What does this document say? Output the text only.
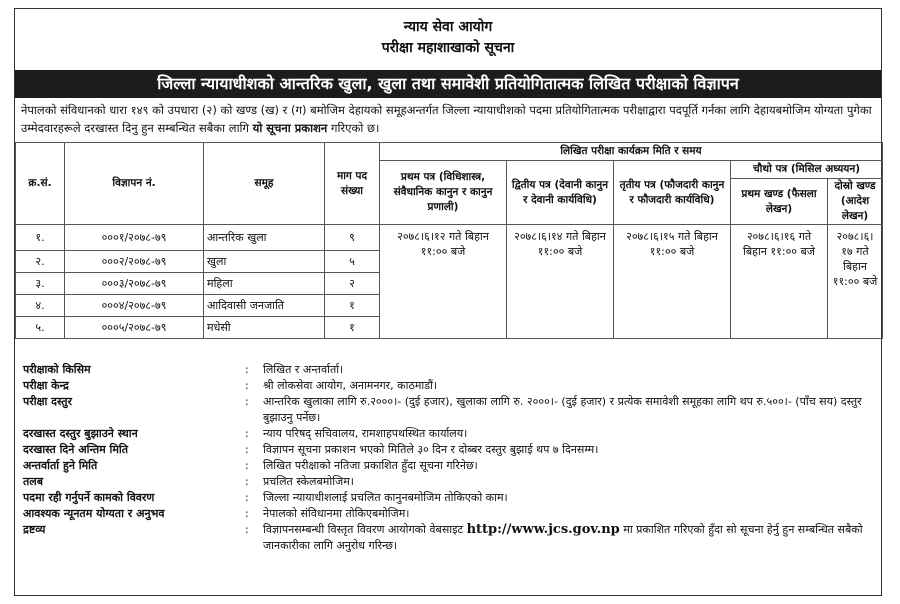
न्याय सेवा आयोग
परीक्षा महाशाखाको सूचना
जिल्ला न्यायाधीशको आन्तरिक खुला, खुला तथा समावेशी प्रतियोगितात्मक लिखित परीक्षाको विज्ञापन
नेपालको संविधानको धारा १४९ को उपधारा (२) को खण्ड (ख) र (ग) बमोजिम देहायको समूहअन्तर्गत जिल्ला न्यायाधीशको पदमा प्रतियोगितात्मक परीक्षाद्वारा पदपूर्ति गर्नका लागि देहायबमोजिम योग्यता पुगेका उम्मेदवारहरूले दरखास्त दिनु हुन सम्बन्धित सबैका लागि यो सूचना प्रकाशन गरिएको छ।
क्र.सं.	विज्ञापन नं.	समूह	माग पद संख्या	लिखित परीक्षा कार्यक्रम मिति र समय				
				प्रथम पत्र (विधिशास्त्र, संवैधानिक कानुन र कानुन प्रणाली)	द्वितीय पत्र (देवानी कानुन र देवानी कार्यविधि)	तृतीय पत्र (फौजदारी कानुन र फौजदारी कार्यविधि)	चौथो पत्र (मिसिल अध्ययन)	
							प्रथम खण्ड (फैसला लेखन)	दोस्रो खण्ड (आदेश लेखन)
१.	०००१/२०७८-७९	आन्तरिक खुला	९	२०७८।६।१२ गते बिहान ११:०० बजे	२०७८।६।१४ गते बिहान ११:०० बजे	२०७८।६।१५ गते बिहान ११:०० बजे	२०७८।६।१६ गते बिहान ११:०० बजे	२०७८।६।१७ गते बिहान ११:०० बजे
२.	०००२/२०७८-७९	खुला	५					
३.	०००३/२०७८-७९	महिला	२					
४.	०००४/२०७८-७९	आदिवासी जनजाति	१					
५.	०००५/२०७८-७९	मधेसी	१					
परीक्षाको किसिम	:	लिखित र अन्तर्वार्ता।
परीक्षा केन्द्र	:	श्री लोकसेवा आयोग, अनामनगर, काठमाडौं।
परीक्षा दस्तुर	:	आन्तरिक खुलाका लागि रु.२०००।- (दुई हजार), खुलाका लागि रु. २०००।- (दुई हजार) र प्रत्येक समावेशी समूहका लागि थप रु.५००।- (पाँच सय) दस्तुर बुझाउनु पर्नेछ।
दरखास्त दस्तुर बुझाउने स्थान	:	न्याय परिषद् सचिवालय, रामशाहपथस्थित कार्यालय।
दरखास्त दिने अन्तिम मिति	:	विज्ञापन सूचना प्रकाशन भएको मितिले ३० दिन र दोब्बर दस्तुर बुझाई थप ७ दिनसम्म।
अन्तर्वार्ता हुने मिति	:	लिखित परीक्षाको नतिजा प्रकाशित हुँदा सूचना गरिनेछ।
तलब	:	प्रचलित स्केलबमोजिम।
पदमा रही गर्नुपर्ने कामको विवरण	:	जिल्ला न्यायाधीशलाई प्रचलित कानुनबमोजिम तोकिएको काम।
आवश्यक न्यूनतम योग्यता र अनुभव	:	नेपालको संविधानमा तोकिएबमोजिम।
द्रष्टव्य	:	विज्ञापनसम्बन्धी विस्तृत विवरण आयोगको वेबसाइट http://www.jcs.gov.np मा प्रकाशित गरिएको हुँदा सो सूचना हेर्नु हुन सम्बन्धित सबैको जानकारीका लागि अनुरोध गरिन्छ।
